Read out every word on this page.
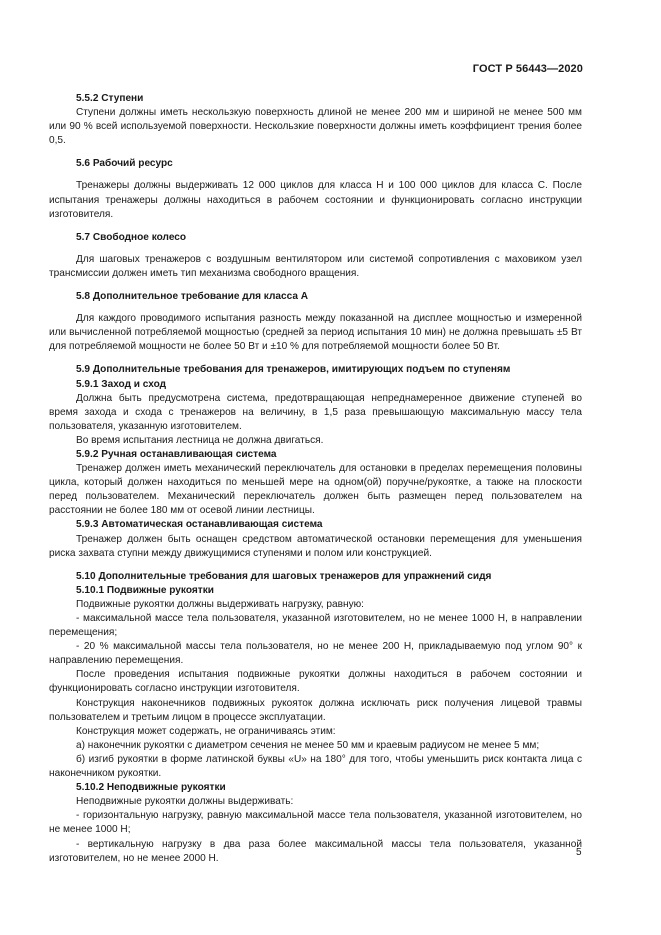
ГОСТ Р 56443—2020
5.5.2 Ступени

Ступени должны иметь нескользкую поверхность длиной не менее 200 мм и шириной не менее 500 мм или 90 % всей используемой поверхности. Нескользкие поверхности должны иметь коэффициент трения более 0,5.

5.6 Рабочий ресурс

Тренажеры должны выдерживать 12 000 циклов для класса H и 100 000 циклов для класса C. После испытания тренажеры должны находиться в рабочем состоянии и функционировать согласно инструкции изготовителя.

5.7 Свободное колесо

Для шаговых тренажеров с воздушным вентилятором или системой сопротивления с маховиком узел трансмиссии должен иметь тип механизма свободного вращения.

5.8 Дополнительное требование для класса A

Для каждого проводимого испытания разность между показанной на дисплее мощностью и измеренной или вычисленной потребляемой мощностью (средней за период испытания 10 мин) не должна превышать ±5 Вт для потребляемой мощности не более 50 Вт и ±10 % для потребляемой мощности более 50 Вт.

5.9 Дополнительные требования для тренажеров, имитирующих подъем по ступеням
5.9.1 Заход и сход

Должна быть предусмотрена система, предотвращающая непреднамеренное движение ступеней во время захода и схода с тренажеров на величину, в 1,5 раза превышающую максимальную массу тела пользователя, указанную изготовителем.

Во время испытания лестница не должна двигаться.

5.9.2 Ручная останавливающая система

Тренажер должен иметь механический переключатель для остановки в пределах перемещения половины цикла, который должен находиться по меньшей мере на одном(ой) поручне/рукоятке, а также на плоскости перед пользователем. Механический переключатель должен быть размещен перед пользователем на расстоянии не более 180 мм от осевой линии лестницы.

5.9.3 Автоматическая останавливающая система

Тренажер должен быть оснащен средством автоматической остановки перемещения для уменьшения риска захвата ступни между движущимися ступенями и полом или конструкцией.

5.10 Дополнительные требования для шаговых тренажеров для упражнений сидя
5.10.1 Подвижные рукоятки

Подвижные рукоятки должны выдерживать нагрузку, равную:

- максимальной массе тела пользователя, указанной изготовителем, но не менее 1000 Н, в направлении перемещения;

- 20 % максимальной массы тела пользователя, но не менее 200 Н, прикладываемую под углом 90° к направлению перемещения.

После проведения испытания подвижные рукоятки должны находиться в рабочем состоянии и функционировать согласно инструкции изготовителя.

Конструкция наконечников подвижных рукояток должна исключать риск получения лицевой травмы пользователем и третьим лицом в процессе эксплуатации.

Конструкция может содержать, не ограничиваясь этим:

а) наконечник рукоятки с диаметром сечения не менее 50 мм и краевым радиусом не менее 5 мм;

б) изгиб рукоятки в форме латинской буквы «U» на 180° для того, чтобы уменьшить риск контакта лица с наконечником рукоятки.

5.10.2 Неподвижные рукоятки

Неподвижные рукоятки должны выдерживать:

- горизонтальную нагрузку, равную максимальной массе тела пользователя, указанной изготовителем, но не менее 1000 Н;

- вертикальную нагрузку в два раза более максимальной массы тела пользователя, указанной изготовителем, но не менее 2000 Н.

5
